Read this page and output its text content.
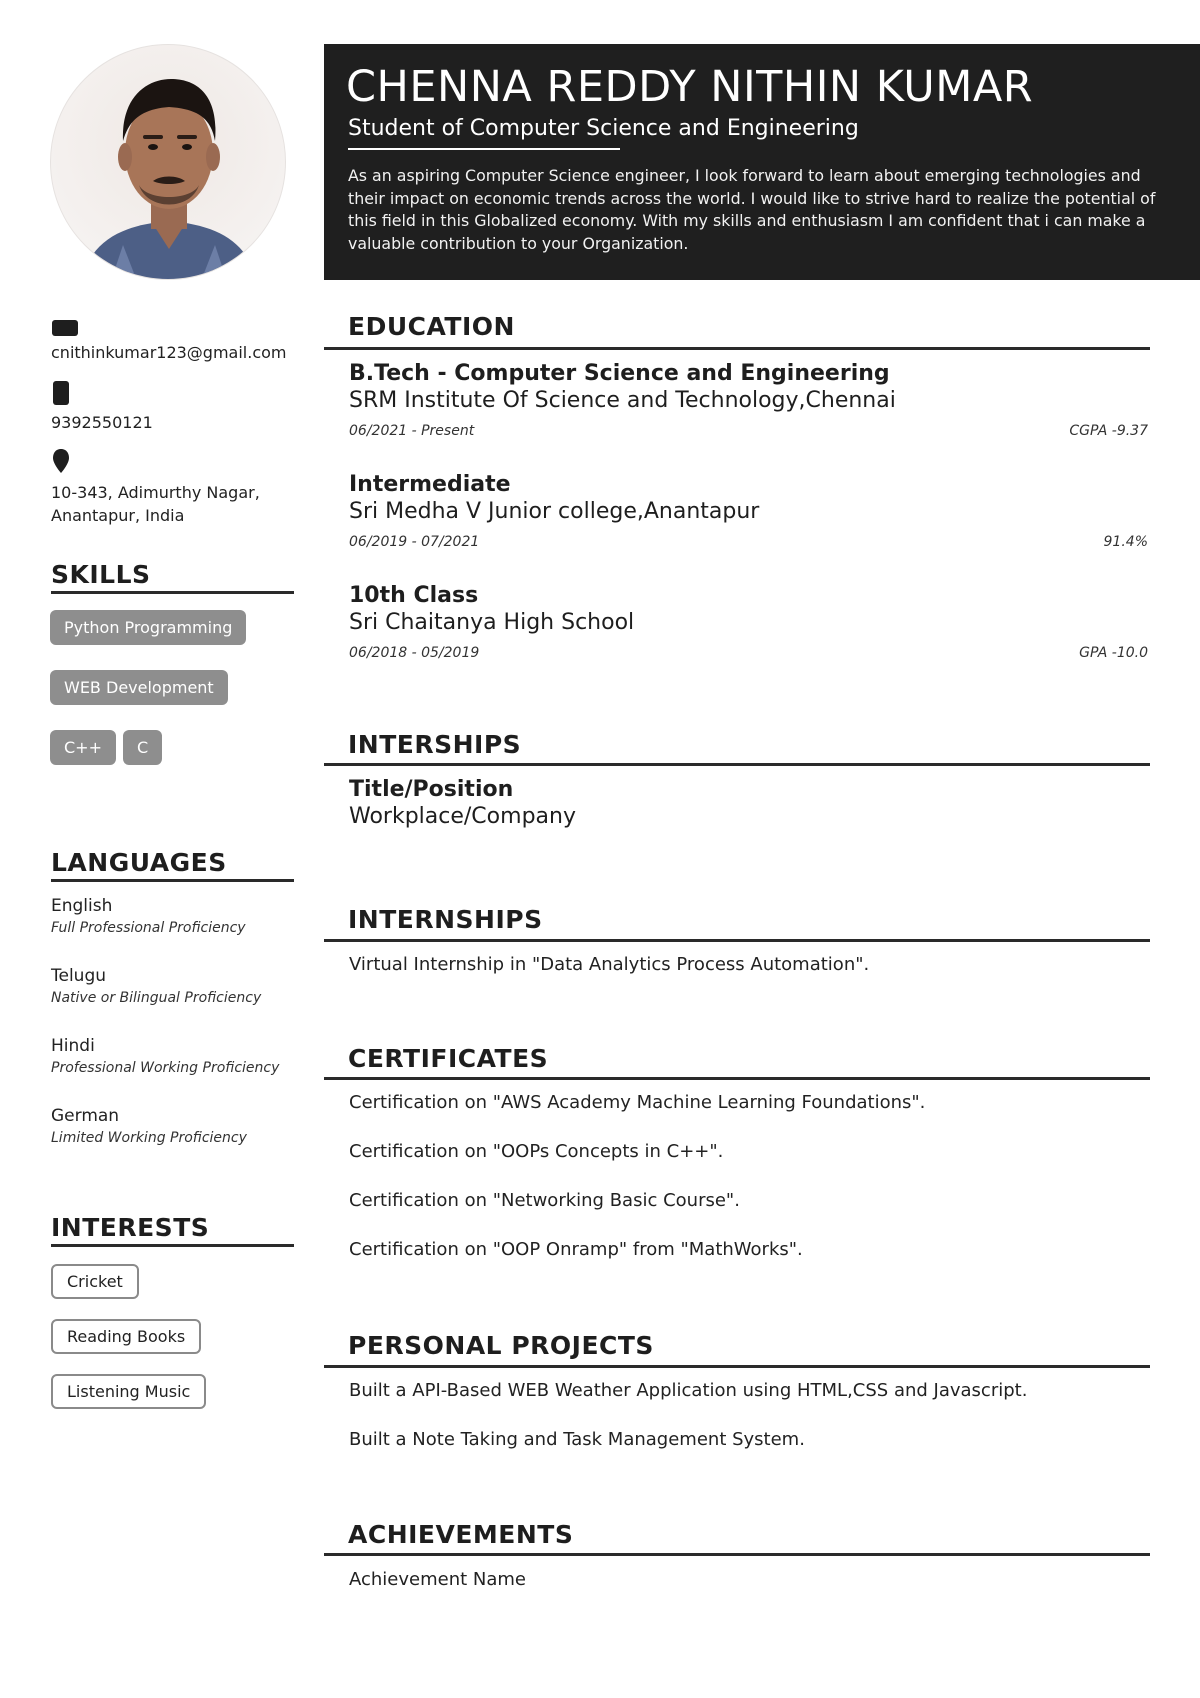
cnithinkumar123@gmail.com
9392550121
10-343, Adimurthy Nagar,
Anantapur, India
SKILLS
Python Programming
WEB Development
C++	C
LANGUAGES
English
Full Professional Proficiency
Telugu
Native or Bilingual Proficiency
Hindi
Professional Working Proficiency
German
Limited Working Proficiency
INTERESTS
Cricket
Reading Books
Listening Music
CHENNA REDDY NITHIN KUMAR
Student of Computer Science and Engineering
As an aspiring Computer Science engineer, I look forward to learn about emerging technologies and their impact on economic trends across the world. I would like to strive hard to realize the potential of this field in this Globalized economy. With my skills and enthusiasm I am confident that i can make a valuable contribution to your Organization.
EDUCATION
B.Tech - Computer Science and Engineering
SRM Institute Of Science and Technology,Chennai
06/2021 - Present	CGPA -9.37
Intermediate
Sri Medha V Junior college,Anantapur
06/2019 - 07/2021	91.4%
10th Class
Sri Chaitanya High School
06/2018 - 05/2019	GPA -10.0
INTERSHIPS
Title/Position
Workplace/Company
INTERNSHIPS
Virtual Internship in "Data Analytics Process Automation".
CERTIFICATES
Certification on "AWS Academy Machine Learning Foundations".
Certification on "OOPs Concepts in C++".
Certification on "Networking Basic Course".
Certification on "OOP Onramp" from "MathWorks".
PERSONAL PROJECTS
Built a API-Based WEB Weather Application using HTML,CSS and Javascript.
Built a Note Taking and Task Management System.
ACHIEVEMENTS
Achievement Name
